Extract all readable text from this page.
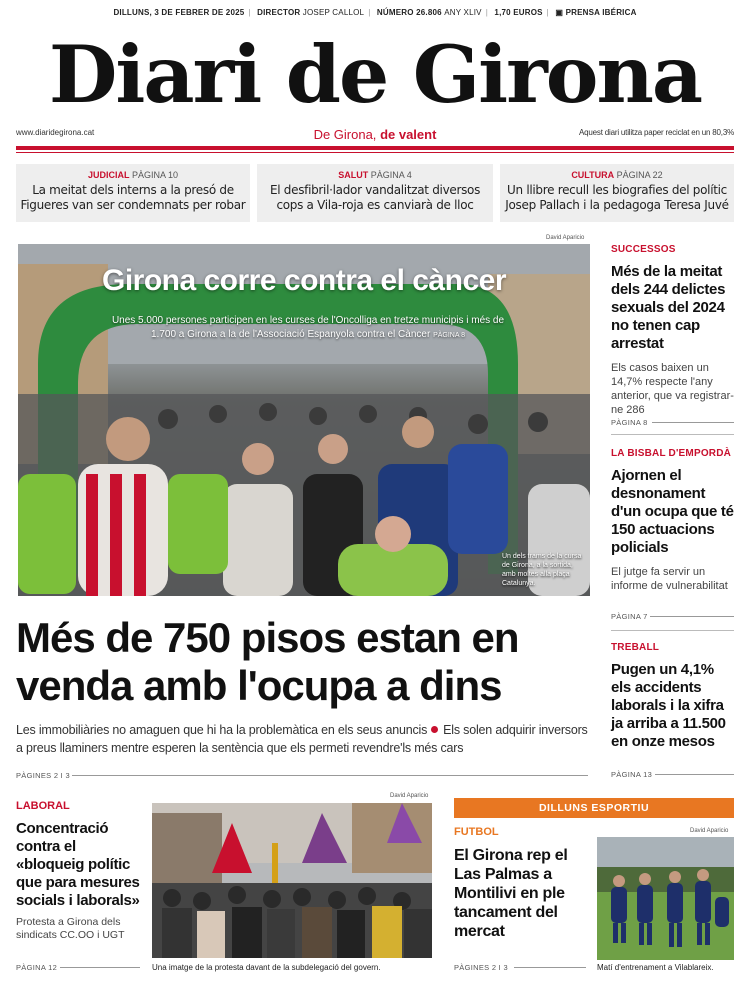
DILLUNS, 3 DE FEBRER DE 2025 | DIRECTOR JOSEP CALLOL | NÚMERO 26.806 ANY XLIV | 1,70 EUROS | ▣ PRENSA IBÉRICA
Diari de Girona
www.diaridegirona.cat	De Girona, de valent	Aquest diari utilitza paper reciclat en un 80,3%
JUDICIAL PÀGINA 10
La meitat dels interns a la presó de Figueres van ser condemnats per robar
SALUT PÀGINA 4
El desfibril·lador vandalitzat diversos cops a Vila-roja es canviarà de lloc
CULTURA PÀGINA 22
Un llibre recull les biografies del polític Josep Pallach i la pedagoga Teresa Juvé
David Aparicio
Girona corre contra el càncer
Unes 5.000 persones participen en les curses de l'Oncolliga en tretze municipis i més de 1.700 a Girona a la de l'Associació Espanyola contra el Càncer PÀGINA 8
Un dels trams de la cursa de Girona, a la sortida, amb moltes alla plaça Catalunya.
Més de 750 pisos estan en venda amb l'ocupa a dins
Les immobiliàries no amaguen que hi ha la problemàtica en els seus anuncis Els solen adquirir inversors a preus llaminers mentre esperen la sentència que els permeti revendre'ls més cars
PÀGINES 2 I 3
SUCCESSOS
Més de la meitat dels 244 delictes sexuals del 2024 no tenen cap arrestat
Els casos baixen un 14,7% respecte l'any anterior, que va registrar-ne 286
PÀGINA 8
LA BISBAL D'EMPORDÀ
Ajornen el desnonament d'un ocupa que té 150 actuacions policials
El jutge fa servir un informe de vulnerabilitat
PÀGINA 7
TREBALL
Pugen un 4,1% els accidents laborals i la xifra ja arriba a 11.500 en onze mesos
PÀGINA 13
LABORAL
Concentració contra el «bloqueig polític que para mesures socials i laborals»
Protesta a Girona dels sindicats CC.OO i UGT
PÀGINA 12
David Aparicio
Una imatge de la protesta davant de la subdelegació del govern.
DILLUNS ESPORTIU
FUTBOL
El Girona rep el Las Palmas a Montilivi en ple tancament del mercat
PÀGINES 2 I 3
David Aparicio
Matí d'entrenament a Vilablareix.
